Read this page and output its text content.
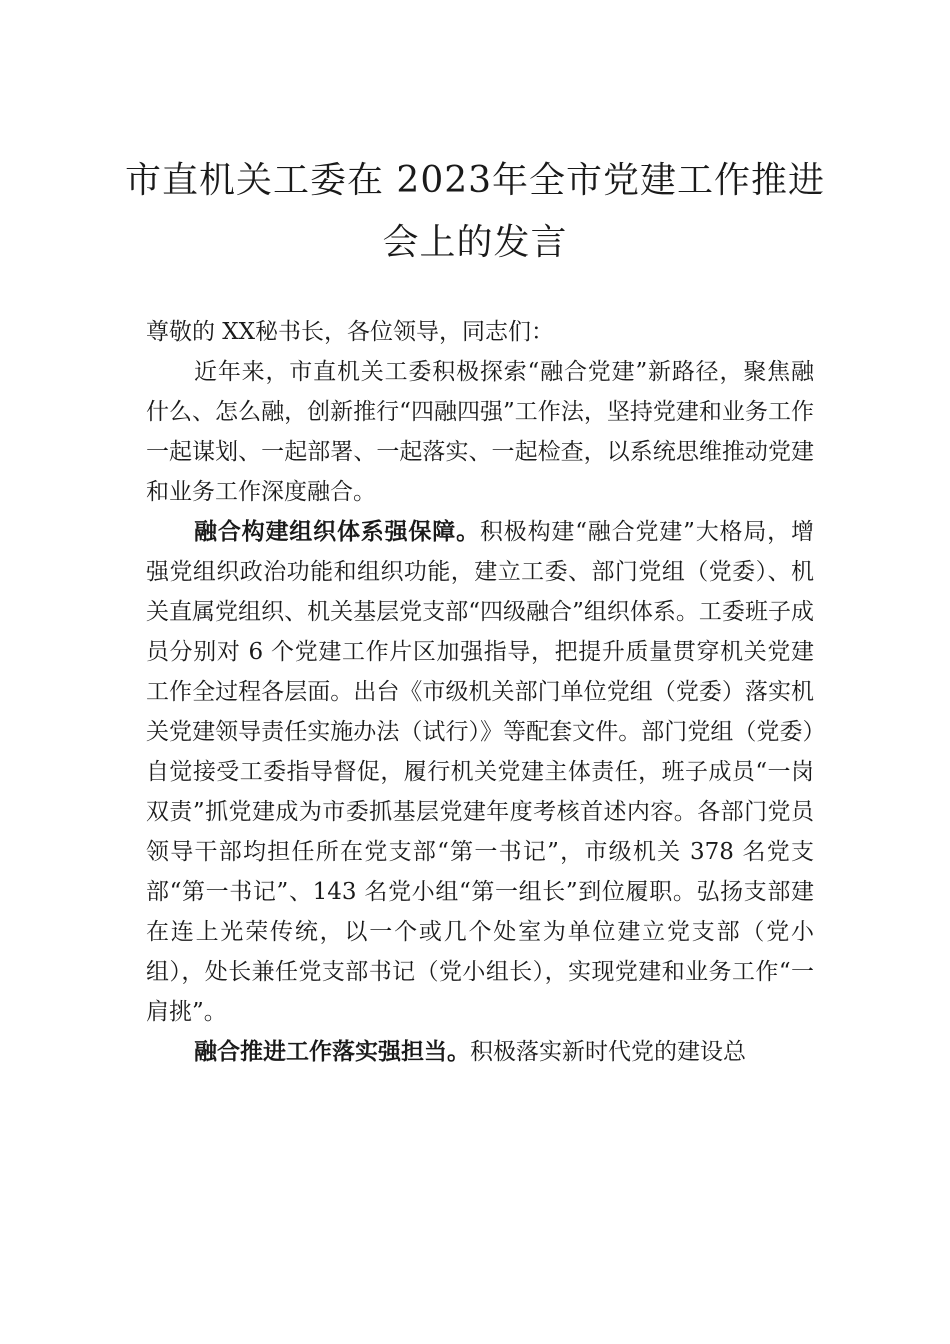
市直机关工委在 2023年全市党建工作推进
会上的发言

尊敬的 XX秘书长，各位领导，同志们：

近年来，市直机关工委积极探索“融合党建”新路径，聚焦融什么、怎么融，创新推行“四融四强”工作法，坚持党建和业务工作一起谋划、一起部署、一起落实、一起检查，以系统思维推动党建和业务工作深度融合。

融合构建组织体系强保障。积极构建“融合党建”大格局，增强党组织政治功能和组织功能，建立工委、部门党组（党委）、机关直属党组织、机关基层党支部“四级融合”组织体系。工委班子成员分别对 6 个党建工作片区加强指导，把提升质量贯穿机关党建工作全过程各层面。出台《市级机关部门单位党组（党委）落实机关党建领导责任实施办法（试行）》等配套文件。部门党组（党委）自觉接受工委指导督促，履行机关党建主体责任，班子成员“一岗双责”抓党建成为市委抓基层党建年度考核首述内容。各部门党员领导干部均担任所在党支部“第一书记”，市级机关 378 名党支部“第一书记”、143 名党小组“第一组长”到位履职。弘扬支部建在连上光荣传统，以一个或几个处室为单位建立党支部（党小组），处长兼任党支部书记（党小组长），实现党建和业务工作“一肩挑”。

融合推进工作落实强担当。积极落实新时代党的建设总
